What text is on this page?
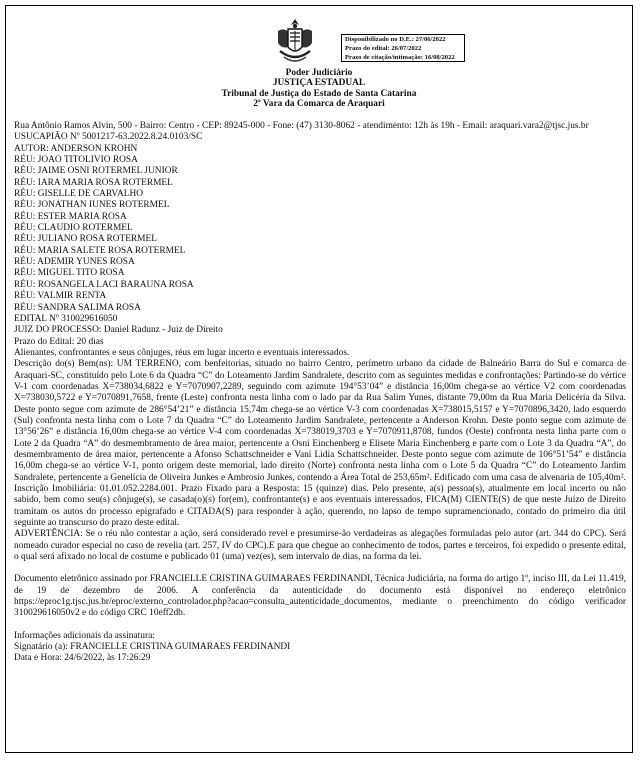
Disponibilizado no D.E.: 27/06/2022
Prazo do edital: 26/07/2022
Prazo de citação/intimação: 16/08/2022
Poder Judiciário
JUSTIÇA ESTADUAL
Tribunal de Justiça do Estado de Santa Catarina
2ª Vara da Comarca de Araquari

Rua Antônio Ramos Alvin, 500 - Bairro: Centro - CEP: 89245-000 - Fone: (47) 3130-8062 - atendimento: 12h às 19h - Email: araquari.vara2@tjsc.jus.br

USUCAPIÃO Nº 5001217-63.2022.8.24.0103/SC

AUTOR: ANDERSON KROHN

RÉU: JOAO TITOLIVIO ROSA

RÉU: JAIME OSNI ROTERMEL JUNIOR

RÉU: IARA MARIA ROSA ROTERMEL

RÉU: GISELLE DE CARVALHO

RÉU: JONATHAN IUNES ROTERMEL

RÉU: ESTER MARIA ROSA

RÉU: CLAUDIO ROTERMEL

RÉU: JULIANO ROSA ROTERMEL

RÉU: MARIA SALETE ROSA ROTERMEL

RÉU: ADEMIR YUNES ROSA

RÉU: MIGUEL TITO ROSA

RÉU: ROSANGELA LACI BARAUNA ROSA

RÉU: VALMIR RENTA

RÉU: SANDRA SALIMA ROSA

EDITAL Nº 310029616050

JUIZ DO PROCESSO: Daniel Radunz - Juiz de Direito

Prazo do Edital: 20 dias

Alienantes, confrontantes e seus cônjuges, réus em lugar incerto e eventuais interessados.

Descrição do(s) Bem(ns): UM TERRENO, com benfeitorias, situado no bairro Centro, perímetro urbano da cidade de Balneário Barra do Sul e comarca de Araquari-SC, constituído pelo Lote 6 da Quadra “C” do Loteamento Jardim Sandralete, descrito com as seguintes medidas e confrontações: Partindo-se do vértice V-1 com coordenadas X=738034,6822 e Y=7070907,2289, seguindo com azimute 194°53’04” e distância 16,00m chega-se ao vértice V2 com coordenadas X=738030,5722 e Y=7070891,7658, frente (Leste) confronta nesta linha com o lado par da Rua Salim Yunes, distante 79,00m da Rua Maria Delicéria da Silva. Deste ponto segue com azimute de 286°54’21” e distância 15,74m chega-se ao vértice V-3 com coordenadas X=738015,5157 e Y=7070896,3420, lado esquerdo (Sul) confronta nesta linha com o Lote 7 da Quadra “C” do Loteamento Jardim Sandralete, pertencente a Anderson Krohn. Deste ponto segue com azimute de 13°56’26” e distância 16,00m chega-se ao vértice V-4 com coordenadas X=738019,3703 e Y=7070911,8708, fundos (Oeste) confronta nesta linha parte com o Lote 2 da Quadra “A” do desmembramento de área maior, pertencente a Osni Einchenberg e Elisete Maria Einchenberg e parte com o Lote 3 da Quadra “A”, do desmembramento de área maior, pertencente a Afonso Schattschneider e Vani Lidia Schattschneider. Deste ponto segue com azimute de 106°51’54” e distância 16,00m chega-se ao vértice V-1, ponto origem deste memorial, lado direito (Norte) confronta nesta linha com o Lote 5 da Quadra “C” do Loteamento Jardim Sandralete, pertencente a Genelícia de Oliveira Junkes e Ambrosio Junkes, contendo a Área Total de 253,65m². Edificado com uma casa de alvenaria de 105,40m². Inscrição Imobiliária: 01.01.052.2284.001. Prazo Fixado para a Resposta: 15 (quinze) dias. Pelo presente, a(s) pessoa(s), atualmente em local incerto ou não sabido, bem como seu(s) cônjuge(s), se casada(o)(s) for(em), confrontante(s) e aos eventuais interessados, FICA(M) CIENTE(S) de que neste Juízo de Direito tramitam os autos do processo epigrafado e CITADA(S) para responder à ação, querendo, no lapso de tempo supramencionado, contado do primeiro dia útil seguinte ao transcurso do prazo deste edital.

ADVERTÊNCIA: Se o réu não contestar a ação, será considerado revel e presumirse-ão verdadeiras as alegações formuladas pelo autor (art. 344 do CPC). Será nomeado curador especial no caso de revelia (art. 257, IV do CPC).E para que chegue ao conhecimento de todos, partes e terceiros, foi expedido o presente edital, o qual será afixado no local de costume e publicado 01 (uma) vez(es), sem intervalo de dias, na forma da lei.

Documento eletrônico assinado por FRANCIELLE CRISTINA GUIMARAES FERDINANDI, Técnica Judiciária, na forma do artigo 1º, inciso III, da Lei 11.419, de 19 de dezembro de 2006. A conferência da autenticidade do documento está disponível no endereço eletrônico https://eproc1g.tjsc.jus.br/eproc/externo_controlador.php?acao=consulta_autenticidade_documentos, mediante o preenchimento do código verificador 310029616050v2 e do código CRC 10eff2db.

Informações adicionais da assinatura:

Signatário (a): FRANCIELLE CRISTINA GUIMARAES FERDINANDI

Data e Hora: 24/6/2022, às 17:26:29
